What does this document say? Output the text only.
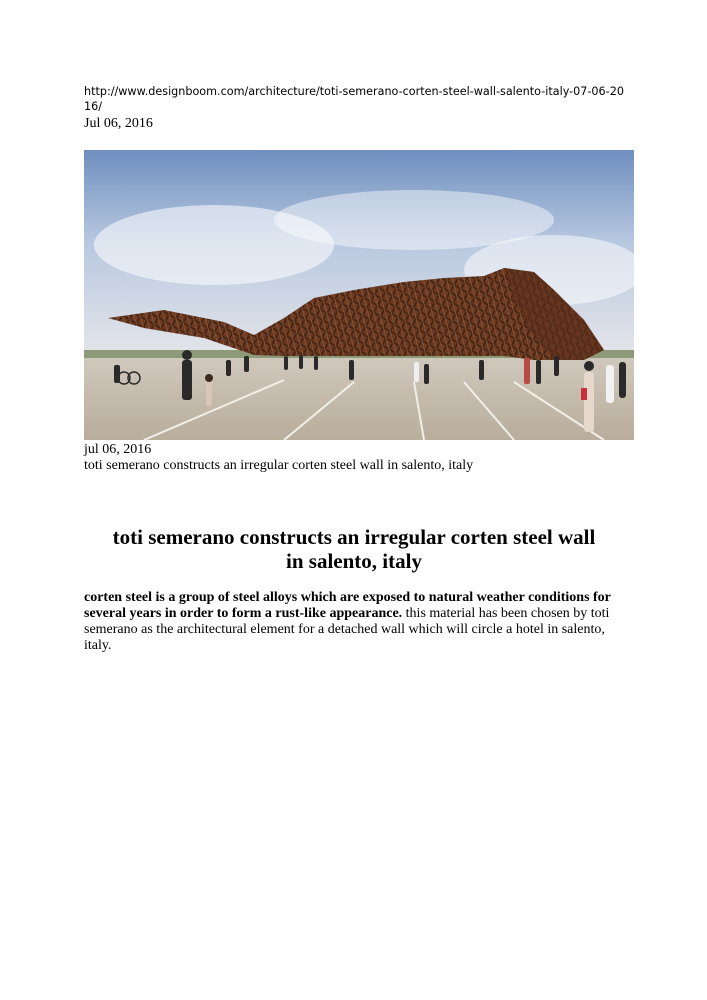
http://www.designboom.com/architecture/toti-semerano-corten-steel-wall-salento-italy-07-06-2016/
Jul 06, 2016
jul 06, 2016
toti semerano constructs an irregular corten steel wall in salento, italy
toti semerano constructs an irregular corten steel wall
in salento, italy

corten steel is a group of steel alloys which are exposed to natural weather conditions for several years in order to form a rust-like appearance. this material has been chosen by toti semerano as the architectural element for a detached wall which will circle a hotel in salento, italy.
